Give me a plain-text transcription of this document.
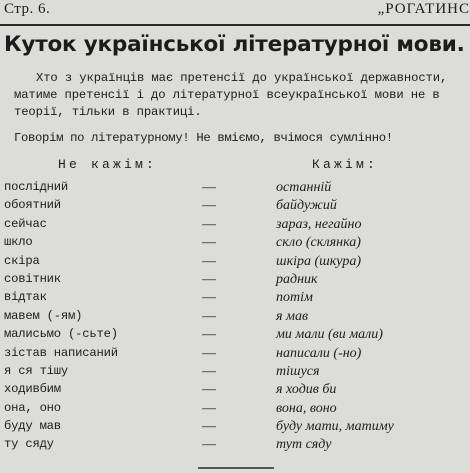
Стр. 6.	„РОГАТИНС
Куток української літературної мови.

Хто з українців має претенсії до української державности, матиме претенсії і до літературної всеукраїнської мови не в теорії, тільки в практиці.

Говорім по літературному! Не вміємо, вчімося сумлінно!
Не кажім:	Кажім:
послідний	—	останній
обоятний	—	байдужий
сейчас	—	зараз, негайно
шкло	—	скло (склянка)
скіра	—	шкіра (шкура)
совітник	—	радник
відтак	—	потім
мавем (-ям)	—	я мав
малисьмо (-сьте)	—	ми мали (ви мали)
зістав написаний	—	написали (-но)
я ся тішу	—	тішуся
ходивбим	—	я ходив би
она, оно	—	вона, воно
буду мав	—	буду мати, матиму
ту сяду	—	тут сяду
